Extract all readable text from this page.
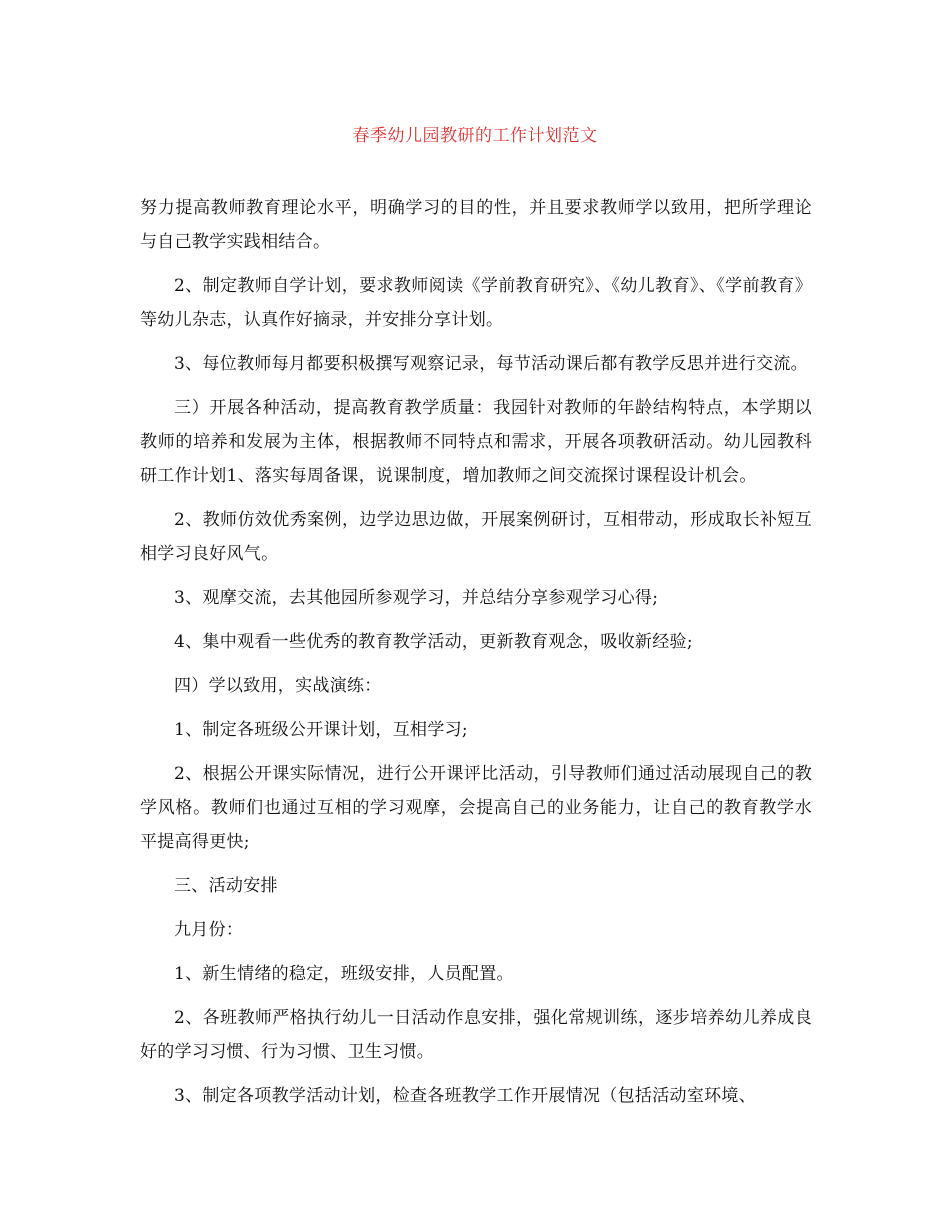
春季幼儿园教研的工作计划范文

努力提高教师教育理论水平，明确学习的目的性，并且要求教师学以致用，把所学理论与自己教学实践相结合。

2、制定教师自学计划，要求教师阅读《学前教育研究》、《幼儿教育》、《学前教育》等幼儿杂志，认真作好摘录，并安排分享计划。

3、每位教师每月都要积极撰写观察记录，每节活动课后都有教学反思并进行交流。

三）开展各种活动，提高教育教学质量：我园针对教师的年龄结构特点，本学期以教师的培养和发展为主体，根据教师不同特点和需求，开展各项教研活动。幼儿园教科研工作计划1、落实每周备课，说课制度，增加教师之间交流探讨课程设计机会。

2、教师仿效优秀案例，边学边思边做，开展案例研讨，互相带动，形成取长补短互相学习良好风气。

3、观摩交流，去其他园所参观学习，并总结分享参观学习心得;

4、集中观看一些优秀的教育教学活动，更新教育观念，吸收新经验;

四）学以致用，实战演练：

1、制定各班级公开课计划，互相学习;

2、根据公开课实际情况，进行公开课评比活动，引导教师们通过活动展现自己的教学风格。教师们也通过互相的学习观摩，会提高自己的业务能力，让自己的教育教学水平提高得更快;

三、活动安排

九月份：

1、新生情绪的稳定，班级安排，人员配置。

2、各班教师严格执行幼儿一日活动作息安排，强化常规训练，逐步培养幼儿养成良好的学习习惯、行为习惯、卫生习惯。

3、制定各项教学活动计划，检查各班教学工作开展情况（包括活动室环境、
